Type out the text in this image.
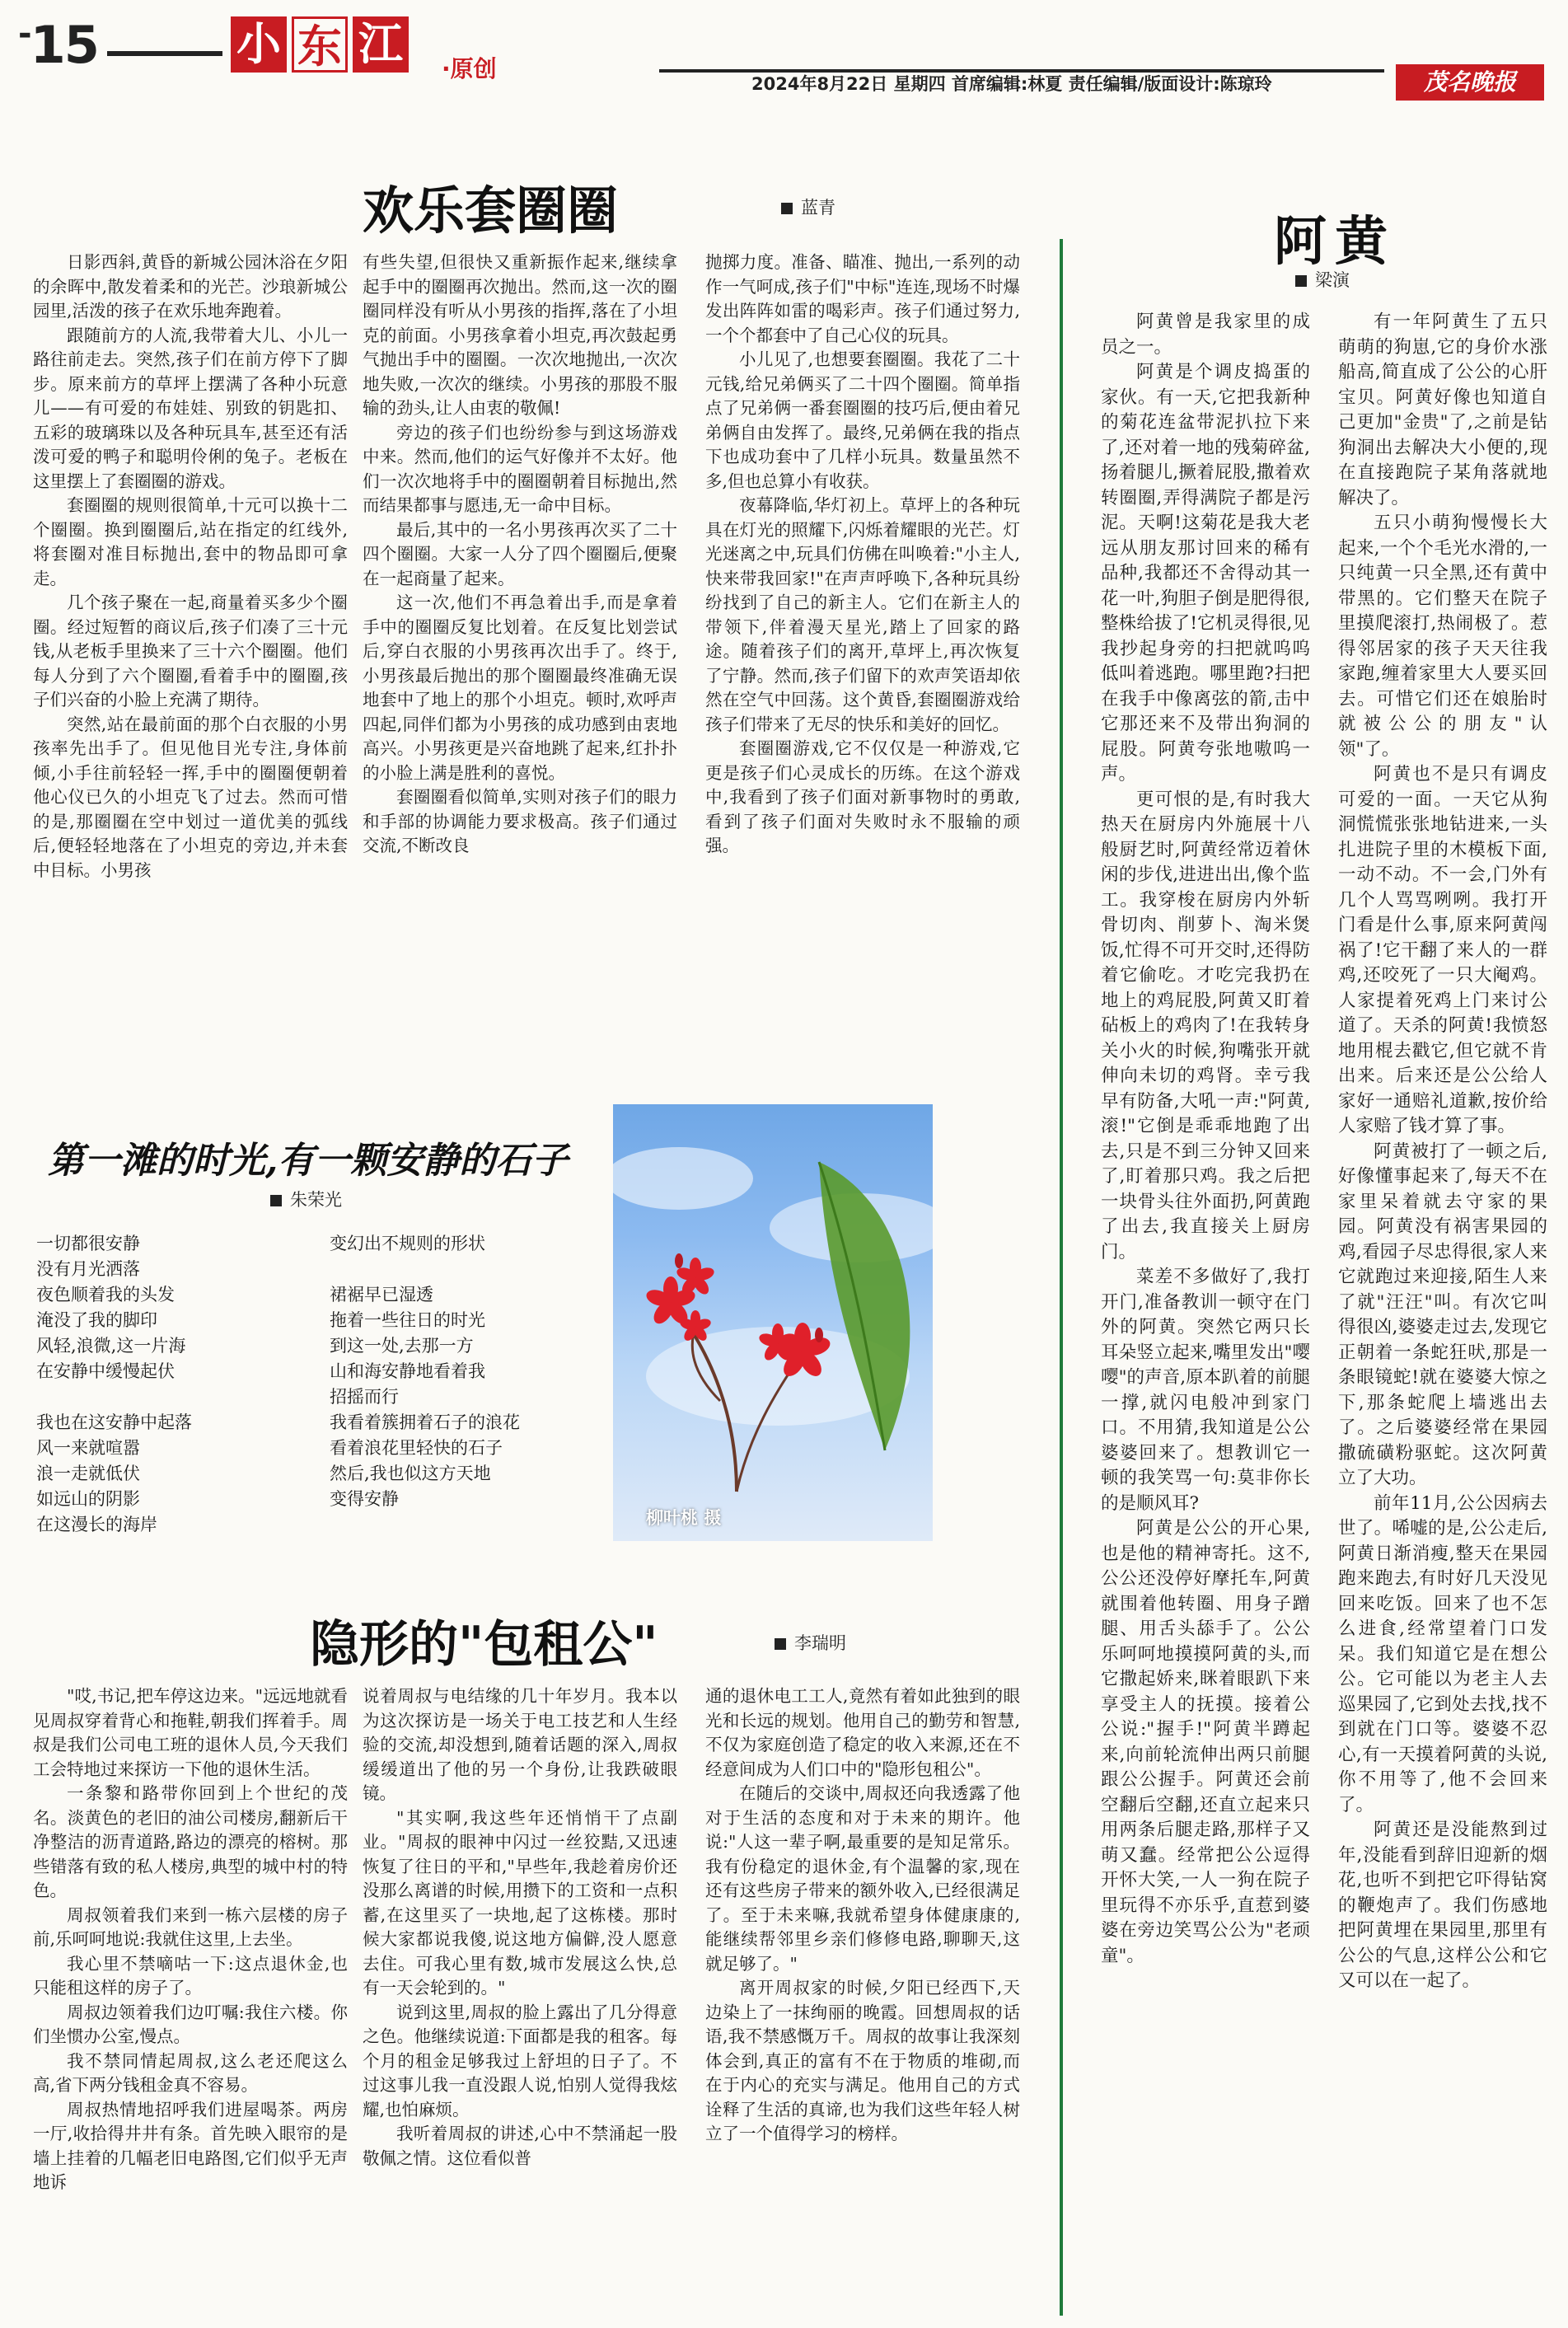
-15	小 东 江 ·原创
2024年8月22日 星期四 首席编辑:林夏 责任编辑/版面设计:陈琼玲	茂名晚报
欢乐套圈圈	蓝青

日影西斜,黄昏的新城公园沐浴在夕阳的余晖中,散发着柔和的光芒。沙琅新城公园里,活泼的孩子在欢乐地奔跑着。

跟随前方的人流,我带着大儿、小儿一路往前走去。突然,孩子们在前方停下了脚步。原来前方的草坪上摆满了各种小玩意儿——有可爱的布娃娃、别致的钥匙扣、五彩的玻璃珠以及各种玩具车,甚至还有活泼可爱的鸭子和聪明伶俐的兔子。老板在这里摆上了套圈圈的游戏。

套圈圈的规则很简单,十元可以换十二个圈圈。换到圈圈后,站在指定的红线外,将套圈对准目标抛出,套中的物品即可拿走。

几个孩子聚在一起,商量着买多少个圈圈。经过短暂的商议后,孩子们凑了三十元钱,从老板手里换来了三十六个圈圈。他们每人分到了六个圈圈,看着手中的圈圈,孩子们兴奋的小脸上充满了期待。

突然,站在最前面的那个白衣服的小男孩率先出手了。但见他目光专注,身体前倾,小手往前轻轻一挥,手中的圈圈便朝着他心仪已久的小坦克飞了过去。然而可惜的是,那圈圈在空中划过一道优美的弧线后,便轻轻地落在了小坦克的旁边,并未套中目标。小男孩

有些失望,但很快又重新振作起来,继续拿起手中的圈圈再次抛出。然而,这一次的圈圈同样没有听从小男孩的指挥,落在了小坦克的前面。小男孩拿着小坦克,再次鼓起勇气抛出手中的圈圈。一次次地抛出,一次次地失败,一次次的继续。小男孩的那股不服输的劲头,让人由衷的敬佩!

旁边的孩子们也纷纷参与到这场游戏中来。然而,他们的运气好像并不太好。他们一次次地将手中的圈圈朝着目标抛出,然而结果都事与愿违,无一命中目标。

最后,其中的一名小男孩再次买了二十四个圈圈。大家一人分了四个圈圈后,便聚在一起商量了起来。

这一次,他们不再急着出手,而是拿着手中的圈圈反复比划着。在反复比划尝试后,穿白衣服的小男孩再次出手了。终于,小男孩最后抛出的那个圈圈最终准确无误地套中了地上的那个小坦克。顿时,欢呼声四起,同伴们都为小男孩的成功感到由衷地高兴。小男孩更是兴奋地跳了起来,红扑扑的小脸上满是胜利的喜悦。

套圈圈看似简单,实则对孩子们的眼力和手部的协调能力要求极高。孩子们通过交流,不断改良

抛掷力度。准备、瞄准、抛出,一系列的动作一气呵成,孩子们"中标"连连,现场不时爆发出阵阵如雷的喝彩声。孩子们通过努力,一个个都套中了自己心仪的玩具。

小儿见了,也想要套圈圈。我花了二十元钱,给兄弟俩买了二十四个圈圈。简单指点了兄弟俩一番套圈圈的技巧后,便由着兄弟俩自由发挥了。最终,兄弟俩在我的指点下也成功套中了几样小玩具。数量虽然不多,但也总算小有收获。

夜幕降临,华灯初上。草坪上的各种玩具在灯光的照耀下,闪烁着耀眼的光芒。灯光迷离之中,玩具们仿佛在叫唤着:"小主人,快来带我回家!"在声声呼唤下,各种玩具纷纷找到了自己的新主人。它们在新主人的带领下,伴着漫天星光,踏上了回家的路途。随着孩子们的离开,草坪上,再次恢复了宁静。然而,孩子们留下的欢声笑语却依然在空气中回荡。这个黄昏,套圈圈游戏给孩子们带来了无尽的快乐和美好的回忆。

套圈圈游戏,它不仅仅是一种游戏,它更是孩子们心灵成长的历练。在这个游戏中,我看到了孩子们面对新事物时的勇敢,看到了孩子们面对失败时永不服输的顽强。

阿黄
梁演

阿黄曾是我家里的成员之一。

阿黄是个调皮捣蛋的家伙。有一天,它把我新种的菊花连盆带泥扒拉下来了,还对着一地的残菊碎盆,扬着腿儿,撅着屁股,撒着欢转圈圈,弄得满院子都是污泥。天啊!这菊花是我大老远从朋友那讨回来的稀有品种,我都还不舍得动其一花一叶,狗胆子倒是肥得很,整株给拔了!它机灵得很,见我抄起身旁的扫把就呜呜低叫着逃跑。哪里跑?扫把在我手中像离弦的箭,击中它那还来不及带出狗洞的屁股。阿黄夸张地嗷呜一声。

更可恨的是,有时我大热天在厨房内外施展十八般厨艺时,阿黄经常迈着休闲的步伐,进进出出,像个监工。我穿梭在厨房内外斩骨切肉、削萝卜、淘米煲饭,忙得不可开交时,还得防着它偷吃。才吃完我扔在地上的鸡屁股,阿黄又盯着砧板上的鸡肉了!在我转身关小火的时候,狗嘴张开就伸向未切的鸡肾。幸亏我早有防备,大吼一声:"阿黄,滚!"它倒是乖乖地跑了出去,只是不到三分钟又回来了,盯着那只鸡。我之后把一块骨头往外面扔,阿黄跑了出去,我直接关上厨房门。

菜差不多做好了,我打开门,准备教训一顿守在门外的阿黄。突然它两只长耳朵竖立起来,嘴里发出"嘤嘤"的声音,原本趴着的前腿一撑,就闪电般冲到家门口。不用猜,我知道是公公婆婆回来了。想教训它一顿的我笑骂一句:莫非你长的是顺风耳?

阿黄是公公的开心果,也是他的精神寄托。这不,公公还没停好摩托车,阿黄就围着他转圈、用身子蹭腿、用舌头舔手了。公公乐呵呵地摸摸阿黄的头,而它撒起娇来,眯着眼趴下来享受主人的抚摸。接着公公说:"握手!"阿黄半蹲起来,向前轮流伸出两只前腿跟公公握手。阿黄还会前空翻后空翻,还直立起来只用两条后腿走路,那样子又萌又蠢。经常把公公逗得开怀大笑,一人一狗在院子里玩得不亦乐乎,直惹到婆婆在旁边笑骂公公为"老顽童"。

有一年阿黄生了五只萌萌的狗崽,它的身价水涨船高,简直成了公公的心肝宝贝。阿黄好像也知道自己更加"金贵"了,之前是钻狗洞出去解决大小便的,现在直接跑院子某角落就地解决了。

五只小萌狗慢慢长大起来,一个个毛光水滑的,一只纯黄一只全黑,还有黄中带黑的。它们整天在院子里摸爬滚打,热闹极了。惹得邻居家的孩子天天往我家跑,缠着家里大人要买回去。可惜它们还在娘胎时就被公公的朋友"认领"了。

阿黄也不是只有调皮可爱的一面。一天它从狗洞慌慌张张地钻进来,一头扎进院子里的木模板下面,一动不动。不一会,门外有几个人骂骂咧咧。我打开门看是什么事,原来阿黄闯祸了!它干翻了来人的一群鸡,还咬死了一只大阉鸡。人家提着死鸡上门来讨公道了。天杀的阿黄!我愤怒地用棍去戳它,但它就不肯出来。后来还是公公给人家好一通赔礼道歉,按价给人家赔了钱才算了事。

阿黄被打了一顿之后,好像懂事起来了,每天不在家里呆着就去守家的果园。阿黄没有祸害果园的鸡,看园子尽忠得很,家人来它就跑过来迎接,陌生人来了就"汪汪"叫。有次它叫得很凶,婆婆走过去,发现它正朝着一条蛇狂吠,那是一条眼镜蛇!就在婆婆大惊之下,那条蛇爬上墙逃出去了。之后婆婆经常在果园撒硫磺粉驱蛇。这次阿黄立了大功。

前年11月,公公因病去世了。唏嘘的是,公公走后,阿黄日渐消瘦,整天在果园跑来跑去,有时好几天没见回来吃饭。回来了也不怎么进食,经常望着门口发呆。我们知道它是在想公公。它可能以为老主人去巡果园了,它到处去找,找不到就在门口等。婆婆不忍心,有一天摸着阿黄的头说,你不用等了,他不会回来了。

阿黄还是没能熬到过年,没能看到辞旧迎新的烟花,也听不到把它吓得钻窝的鞭炮声了。我们伤感地把阿黄埋在果园里,那里有公公的气息,这样公公和它又可以在一起了。

第一滩的时光,有一颗安静的石子
朱荣光
一切都很安静
没有月光洒落
夜色顺着我的头发
淹没了我的脚印
风轻,浪微,这一片海
在安静中缓慢起伏
我也在这安静中起落
风一来就喧嚣
浪一走就低伏
如远山的阴影
在这漫长的海岸
变幻出不规则的形状
裙裾早已湿透
拖着一些往日的时光
到这一处,去那一方
山和海安静地看着我
招摇而行
我看着簇拥着石子的浪花
看着浪花里轻快的石子
然后,我也似这方天地
变得安静
柳叶桃 摄
隐形的"包租公"	李瑞明

"哎,书记,把车停这边来。"远远地就看见周叔穿着背心和拖鞋,朝我们挥着手。周叔是我们公司电工班的退休人员,今天我们工会特地过来探访一下他的退休生活。

一条黎和路带你回到上个世纪的茂名。淡黄色的老旧的油公司楼房,翻新后干净整洁的沥青道路,路边的漂亮的榕树。那些错落有致的私人楼房,典型的城中村的特色。

周叔领着我们来到一栋六层楼的房子前,乐呵呵地说:我就住这里,上去坐。

我心里不禁嘀咕一下:这点退休金,也只能租这样的房子了。

周叔边领着我们边叮嘱:我住六楼。你们坐惯办公室,慢点。

我不禁同情起周叔,这么老还爬这么高,省下两分钱租金真不容易。

周叔热情地招呼我们进屋喝茶。两房一厅,收拾得井井有条。首先映入眼帘的是墙上挂着的几幅老旧电路图,它们似乎无声地诉

说着周叔与电结缘的几十年岁月。我本以为这次探访是一场关于电工技艺和人生经验的交流,却没想到,随着话题的深入,周叔缓缓道出了他的另一个身份,让我跌破眼镜。

"其实啊,我这些年还悄悄干了点副业。"周叔的眼神中闪过一丝狡黠,又迅速恢复了往日的平和,"早些年,我趁着房价还没那么离谱的时候,用攒下的工资和一点积蓄,在这里买了一块地,起了这栋楼。那时候大家都说我傻,说这地方偏僻,没人愿意去住。可我心里有数,城市发展这么快,总有一天会轮到的。"

说到这里,周叔的脸上露出了几分得意之色。他继续说道:下面都是我的租客。每个月的租金足够我过上舒坦的日子了。不过这事儿我一直没跟人说,怕别人觉得我炫耀,也怕麻烦。

我听着周叔的讲述,心中不禁涌起一股敬佩之情。这位看似普

通的退休电工工人,竟然有着如此独到的眼光和长远的规划。他用自己的勤劳和智慧,不仅为家庭创造了稳定的收入来源,还在不经意间成为人们口中的"隐形包租公"。

在随后的交谈中,周叔还向我透露了他对于生活的态度和对于未来的期许。他说:"人这一辈子啊,最重要的是知足常乐。我有份稳定的退休金,有个温馨的家,现在还有这些房子带来的额外收入,已经很满足了。至于未来嘛,我就希望身体健康康的,能继续帮邻里乡亲们修修电路,聊聊天,这就足够了。"

离开周叔家的时候,夕阳已经西下,天边染上了一抹绚丽的晚霞。回想周叔的话语,我不禁感慨万千。周叔的故事让我深刻体会到,真正的富有不在于物质的堆砌,而在于内心的充实与满足。他用自己的方式诠释了生活的真谛,也为我们这些年轻人树立了一个值得学习的榜样。
